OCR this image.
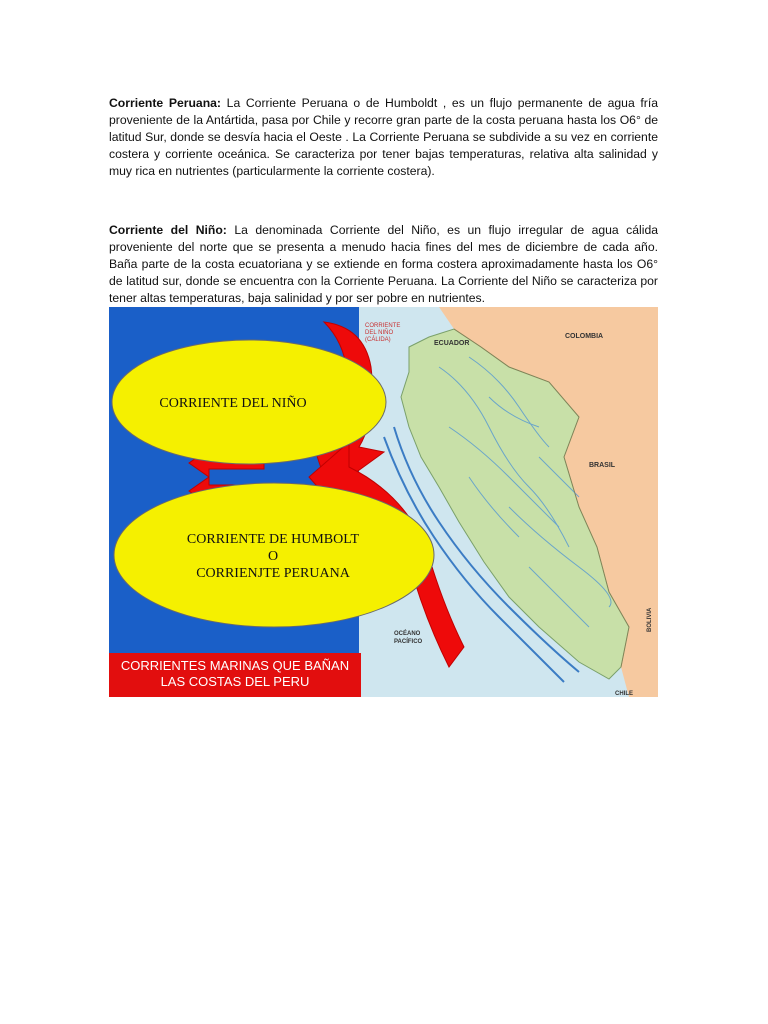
Corriente Peruana: La Corriente Peruana o de Humboldt , es un flujo permanente de agua fría proveniente de la Antártida, pasa por Chile y recorre gran parte de la costa peruana hasta los O6° de latitud Sur, donde se desvía hacia el Oeste . La Corriente Peruana se subdivide a su vez en corriente costera y corriente oceánica. Se caracteriza por tener bajas temperaturas, relativa alta salinidad y muy rica en nutrientes (particularmente la corriente costera).

Corriente del Niño: La denominada Corriente del Niño, es un flujo irregular de agua cálida proveniente del norte que se presenta a menudo hacia fines del mes de diciembre de cada año. Baña parte de la costa ecuatoriana y se extiende en forma costera aproximadamente hasta los O6° de latitud sur, donde se encuentra con la Corriente Peruana. La Corriente del Niño se caracteriza por tener altas temperaturas, baja salinidad y por ser pobre en nutrientes.

CORRIENTE DEL NIÑO
CORRIENTE DE HUMBOLT
O
CORRIENJTE PERUANA
CORRIENTES MARINAS QUE BAÑAN
LAS COSTAS DEL PERU
CORRIENTE
DEL NIÑO
(CÁLIDA)	ECUADOR
COLOMBIA
BRASIL
BOLIVIA
CHILE
OCÉANO
PACÍFICO
